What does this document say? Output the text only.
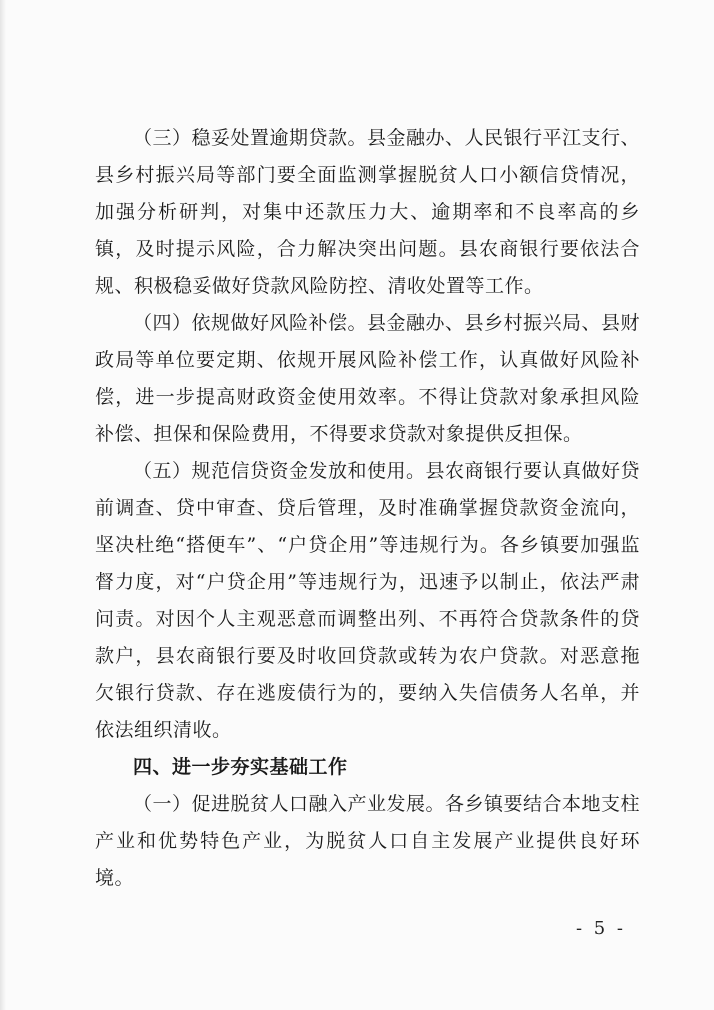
（三）稳妥处置逾期贷款。县金融办、人民银行平江支行、县乡村振兴局等部门要全面监测掌握脱贫人口小额信贷情况，加强分析研判，对集中还款压力大、逾期率和不良率高的乡镇，及时提示风险，合力解决突出问题。县农商银行要依法合规、积极稳妥做好贷款风险防控、清收处置等工作。

（四）依规做好风险补偿。县金融办、县乡村振兴局、县财政局等单位要定期、依规开展风险补偿工作，认真做好风险补偿，进一步提高财政资金使用效率。不得让贷款对象承担风险补偿、担保和保险费用，不得要求贷款对象提供反担保。

（五）规范信贷资金发放和使用。县农商银行要认真做好贷前调查、贷中审查、贷后管理，及时准确掌握贷款资金流向，坚决杜绝“搭便车”、“户贷企用”等违规行为。各乡镇要加强监督力度，对“户贷企用”等违规行为，迅速予以制止，依法严肃问责。对因个人主观恶意而调整出列、不再符合贷款条件的贷款户，县农商银行要及时收回贷款或转为农户贷款。对恶意拖欠银行贷款、存在逃废债行为的，要纳入失信债务人名单，并依法组织清收。

四、进一步夯实基础工作

（一）促进脱贫人口融入产业发展。各乡镇要结合本地支柱产业和优势特色产业，为脱贫人口自主发展产业提供良好环境。

- 5 -
